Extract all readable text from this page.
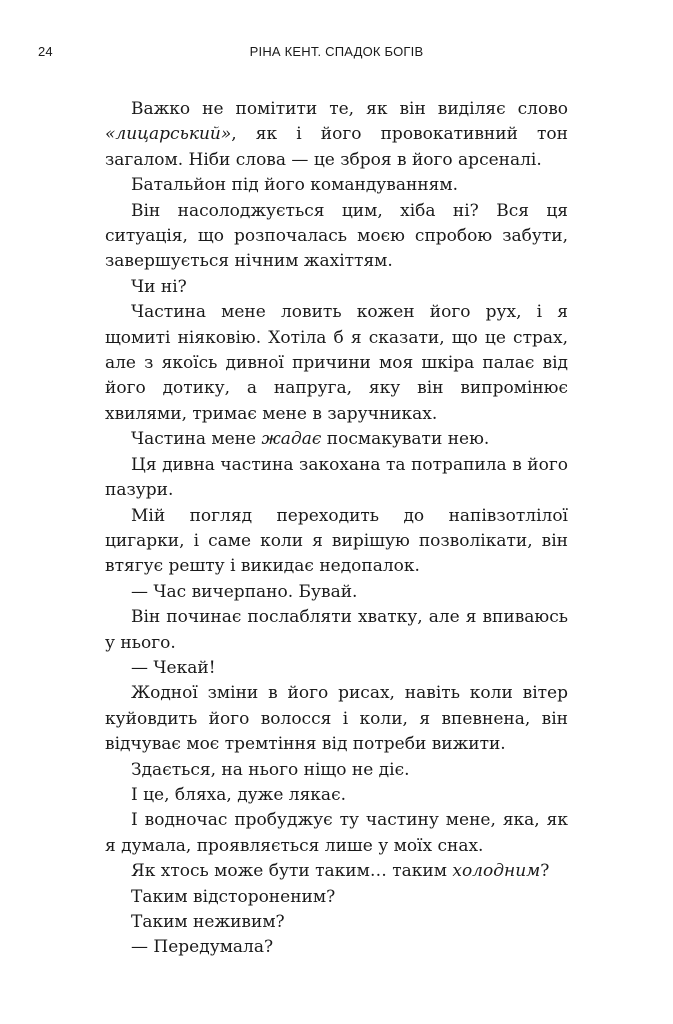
24	РІНА КЕНТ. СПАДОК БОГІВ

Важко не помітити те, як він виділяє слово «лицарський», як і його провокативний тон загалом. Ніби слова — це зброя в його арсеналі.

Батальйон під його командуванням.

Він насолоджується цим, хіба ні? Вся ця ситуація, що розпочалась моєю спробою забути, завершується нічним жахіттям.

Чи ні?

Частина мене ловить кожен його рух, і я щомиті ніяковію. Хотіла б я сказати, що це страх, але з якоїсь дивної причини моя шкіра палає від його дотику, а напруга, яку він випромінює хвилями, тримає мене в заручниках.

Частина мене жадає посмакувати нею.

Ця дивна частина закохана та потрапила в його пазури.

Мій погляд переходить до напівзотлілої цигарки, і саме коли я вирішую позволікати, він втягує решту і викидає недопалок.

— Час вичерпано. Бувай.

Він починає послабляти хватку, але я впиваюсь у нього.

— Чекай!

Жодної зміни в його рисах, навіть коли вітер куйовдить його волосся і коли, я впевнена, він відчуває моє тремтіння від потреби вижити.

Здається, на нього ніщо не діє.

І це, бляха, дуже лякає.

І водночас пробуджує ту частину мене, яка, як я думала, проявляється лише у моїх снах.

Як хтось може бути таким… таким холодним?

Таким відстороненим?

Таким неживим?

— Передумала?
